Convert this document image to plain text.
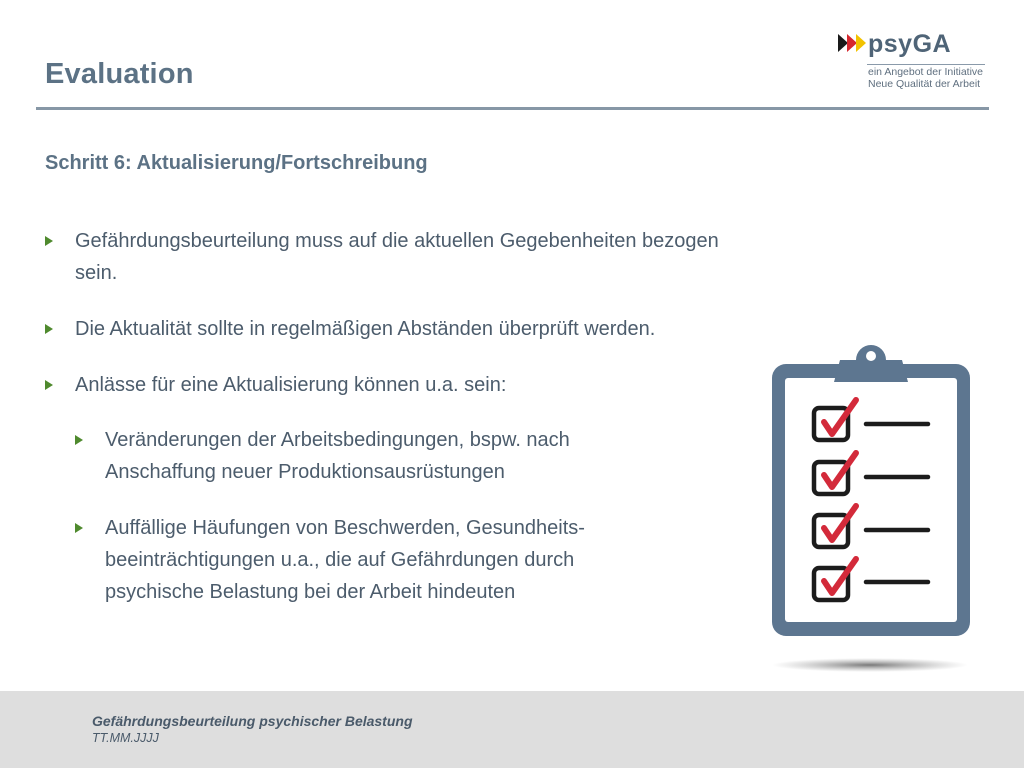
Evaluation
psyGA
ein Angebot der Initiative
Neue Qualität der Arbeit
Schritt 6: Aktualisierung/Fortschreibung
Gefährdungsbeurteilung muss auf die aktuellen Gegebenheiten bezogen
sein.
Die Aktualität sollte in regelmäßigen Abständen überprüft werden.
Anlässe für eine Aktualisierung können u.a. sein:
Veränderungen der Arbeitsbedingungen, bspw. nach
Anschaffung neuer Produktionsausrüstungen
Auffällige Häufungen von Beschwerden, Gesundheits-
beeinträchtigungen u.a., die auf Gefährdungen durch
psychische Belastung bei der Arbeit hindeuten
Gefährdungsbeurteilung psychischer Belastung
TT.MM.JJJJ
